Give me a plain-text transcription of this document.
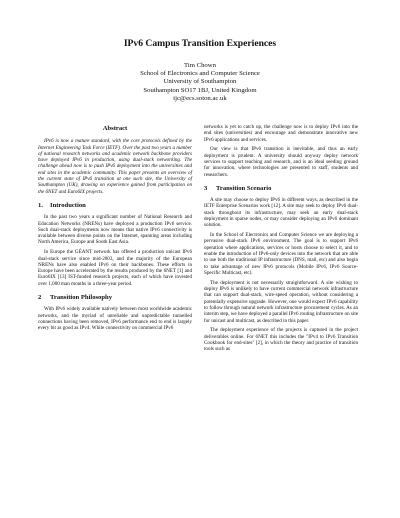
IPv6 Campus Transition Experiences
Tim Chown
School of Electronics and Computer Science
University of Southampton
Southampton SO17 1BJ, United Kingdom
tjc@ecs.soton.ac.uk
Abstract

IPv6 is now a mature standard, with the core protocols defined by the Internet Engineering Task Force (IETF). Over the past two years a number of national research networks and academic network backbone providers have deployed IPv6 in production, using dual-stack networking. The challenge ahead now is to push IPv6 deployment into the universities and end sites in the academic community. This paper presents an overview of the current state of IPv6 transition at one such site, the University of Southampton (UK), drawing on experience gained from participation on the 6NET and Euro6IX projects.

1. Introduction

In the past two years a significant number of National Research and Education Networks (NRENs) have deployed a production IPv6 service. Such dual-stack deployments now means that native IPv6 connectivity is available between diverse points on the Internet, spanning areas including North America, Europe and South East Asia.

In Europe the GÉANT network has offered a production unicast IPv6 dual-stack service since mid-2003, and the majority of the European NRENs have also enabled IPv6 on their backbones. These efforts in Europe have been accelerated by the results produced by the 6NET [1] and Euro6IX [13] IST-funded research projects, each of which have invested over 1,000 man months in a three-year period.

2 Transition Philosophy

With IPv6 widely available natively between most worldwide academic networks, and the myriad of unreliable and unpredictable tunnelled connections having been removed, IPv6 performance end to end is largely every bit as good as IPv4. While connectivity on commercial IPv6

networks is yet to catch up, the challenge now is to deploy IPv6 into the end sites (universities) and encourage and demonstrate innovative new IPv6 applications and services.

Our view is that IPv6 transition is inevitable, and thus an early deployment is prudent. A university should anyway deploy network services to support teaching and research, and is an ideal seeding ground for innovation, where technologies are presented to staff, students and researchers.

3 Transition Scenario

A site may choose to deploy IPv6 in different ways, as described in the IETF Enterprise Scenarios work [12]. A site may seek to deploy IPv6 dual-stack throughout its infrastructure, may seek an early dual-stack deployment in sparse nodes, or may consider deploying an IPv6 dominant solution.

In the School of Electronics and Computer Science we are deploying a pervasive dual-stack IPv6 environment. The goal is to support IPv6 operation where applications, services or hosts choose to select it, and to enable the introduction of IPv6-only devices into the network that are able to use both the traditional IP infrastructure (DNS, mail, etc) and also begin to take advantage of new IPv6 protocols (Mobile IPv6, IPv6 Source-Specific Multicast, etc).

The deployment is not necessarily straightforward. A site wishing to deploy IPv6 is unlikely to have current commercial network infrastructure that can support dual-stack, wire-speed operation, without considering a potentially expensive upgrade. However, one would expect IPv6 capability to follow through natural network infrastructure procurement cycles. As an interim step, we have deployed a parallel IPv6 routing infrastructure on site for unicast and multicast, as described in this paper.

The deployment experience of the projects is captured in the project deliverables online. For 6NET this includes the "IPv4 to IPv6 Transition Cookbook for end-sites" [2], in which the theory and practice of transition tools such as
